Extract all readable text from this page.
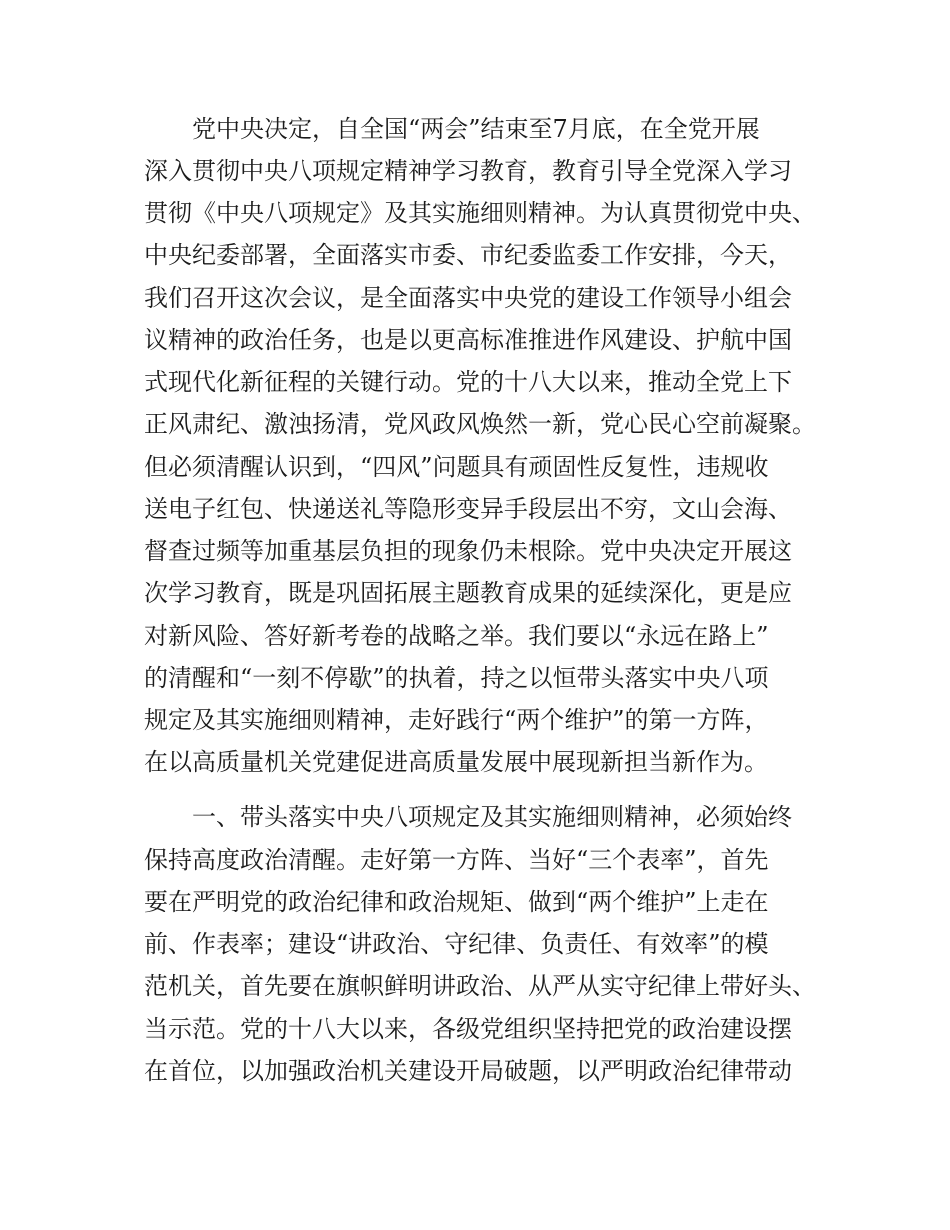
党中央决定，自全国“两会”结束至7月底，在全党开展
深入贯彻中央八项规定精神学习教育，教育引导全党深入学习
贯彻《中央八项规定》及其实施细则精神。为认真贯彻党中央、
中央纪委部署，全面落实市委、市纪委监委工作安排，今天，
我们召开这次会议，是全面落实中央党的建设工作领导小组会
议精神的政治任务，也是以更高标准推进作风建设、护航中国
式现代化新征程的关键行动。党的十八大以来，推动全党上下
正风肃纪、激浊扬清，党风政风焕然一新，党心民心空前凝聚。
但必须清醒认识到，“四风”问题具有顽固性反复性，违规收
送电子红包、快递送礼等隐形变异手段层出不穷，文山会海、
督查过频等加重基层负担的现象仍未根除。党中央决定开展这
次学习教育，既是巩固拓展主题教育成果的延续深化，更是应
对新风险、答好新考卷的战略之举。我们要以“永远在路上”
的清醒和“一刻不停歇”的执着，持之以恒带头落实中央八项
规定及其实施细则精神，走好践行“两个维护”的第一方阵，
在以高质量机关党建促进高质量发展中展现新担当新作为。
一、带头落实中央八项规定及其实施细则精神，必须始终
保持高度政治清醒。走好第一方阵、当好“三个表率”，首先
要在严明党的政治纪律和政治规矩、做到“两个维护”上走在
前、作表率；建设“讲政治、守纪律、负责任、有效率”的模
范机关，首先要在旗帜鲜明讲政治、从严从实守纪律上带好头、
当示范。党的十八大以来，各级党组织坚持把党的政治建设摆
在首位，以加强政治机关建设开局破题，以严明政治纪律带动
